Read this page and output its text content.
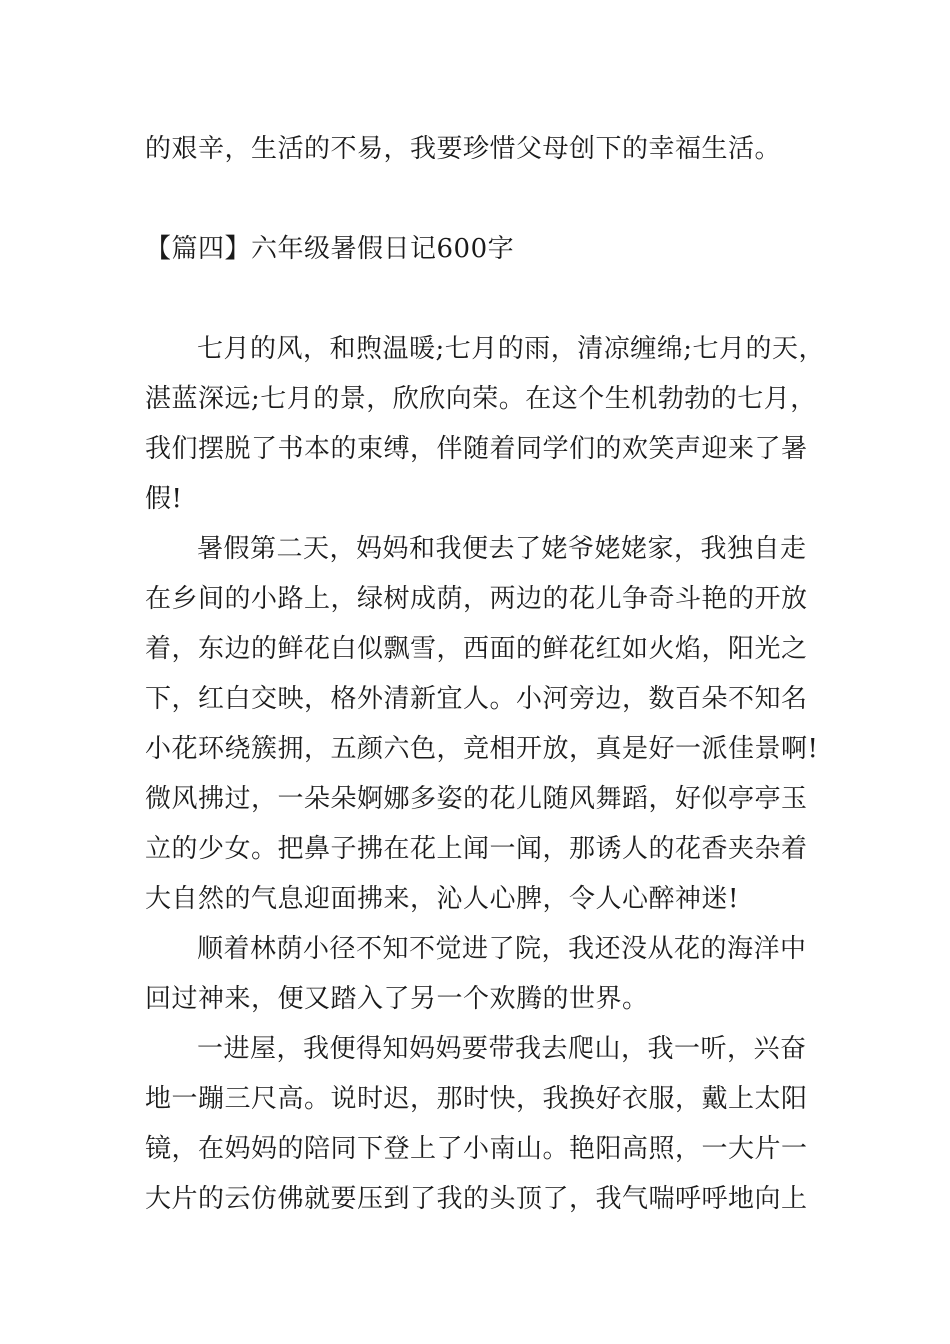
的艰辛，生活的不易，我要珍惜父母创下的幸福生活。
【篇四】六年级暑假日记600字
七月的风，和煦温暖;七月的雨，清凉缠绵;七月的天，
湛蓝深远;七月的景，欣欣向荣。在这个生机勃勃的七月，
我们摆脱了书本的束缚，伴随着同学们的欢笑声迎来了暑
假!
暑假第二天，妈妈和我便去了姥爷姥姥家，我独自走
在乡间的小路上，绿树成荫，两边的花儿争奇斗艳的开放
着，东边的鲜花白似飘雪，西面的鲜花红如火焰，阳光之
下，红白交映，格外清新宜人。小河旁边，数百朵不知名
小花环绕簇拥，五颜六色，竞相开放，真是好一派佳景啊!
微风拂过，一朵朵婀娜多姿的花儿随风舞蹈，好似亭亭玉
立的少女。把鼻子拂在花上闻一闻，那诱人的花香夹杂着
大自然的气息迎面拂来，沁人心脾，令人心醉神迷!
顺着林荫小径不知不觉进了院，我还没从花的海洋中
回过神来，便又踏入了另一个欢腾的世界。
一进屋，我便得知妈妈要带我去爬山，我一听，兴奋
地一蹦三尺高。说时迟，那时快，我换好衣服，戴上太阳
镜，在妈妈的陪同下登上了小南山。艳阳高照，一大片一
大片的云仿佛就要压到了我的头顶了，我气喘呼呼地向上
